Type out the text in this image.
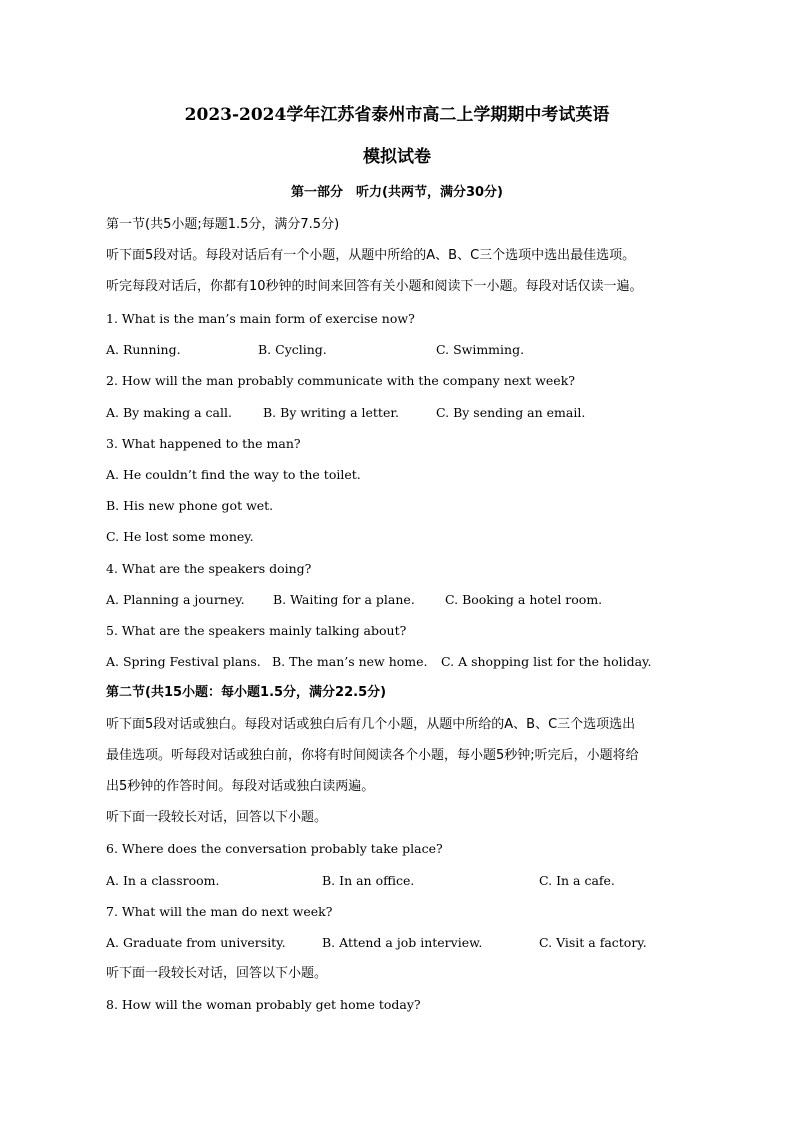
2023-2024学年江苏省泰州市高二上学期期中考试英语
模拟试卷
第一部分　听力(共两节，满分30分)
第一节(共5小题;每题1.5分，满分7.5分)
听下面5段对话。每段对话后有一个小题，从题中所给的A、B、C三个选项中选出最佳选项。
听完每段对话后，你都有10秒钟的时间来回答有关小题和阅读下一小题。每段对话仅读一遍。
1. What is the man’s main form of exercise now?
A. Running.	B. Cycling.	C. Swimming.
2. How will the man probably communicate with the company next week?
A. By making a call. B. By writing a letter.	C. By sending an email.
3. What happened to the man?
A. He couldn’t find the way to the toilet.
B. His new phone got wet.
C. He lost some money.
4. What are the speakers doing?
A. Planning a journey. B. Waiting for a plane. C. Booking a hotel room.
5. What are the speakers mainly talking about?
A. Spring Festival plans. B. The man’s new home. C. A shopping list for the holiday.
第二节(共15小题：每小题1.5分，满分22.5分)
听下面5段对话或独白。每段对话或独白后有几个小题，从题中所给的A、B、C三个选项选出
最佳选项。听每段对话或独白前，你将有时间阅读各个小题，每小题5秒钟;听完后，小题将给
出5秒钟的作答时间。每段对话或独白读两遍。
听下面一段较长对话，回答以下小题。
6. Where does the conversation probably take place?
A. In a classroom.	B. In an office.	C. In a cafe.
7. What will the man do next week?
A. Graduate from university.	B. Attend a job interview.	C. Visit a factory.
听下面一段较长对话，回答以下小题。
8. How will the woman probably get home today?
